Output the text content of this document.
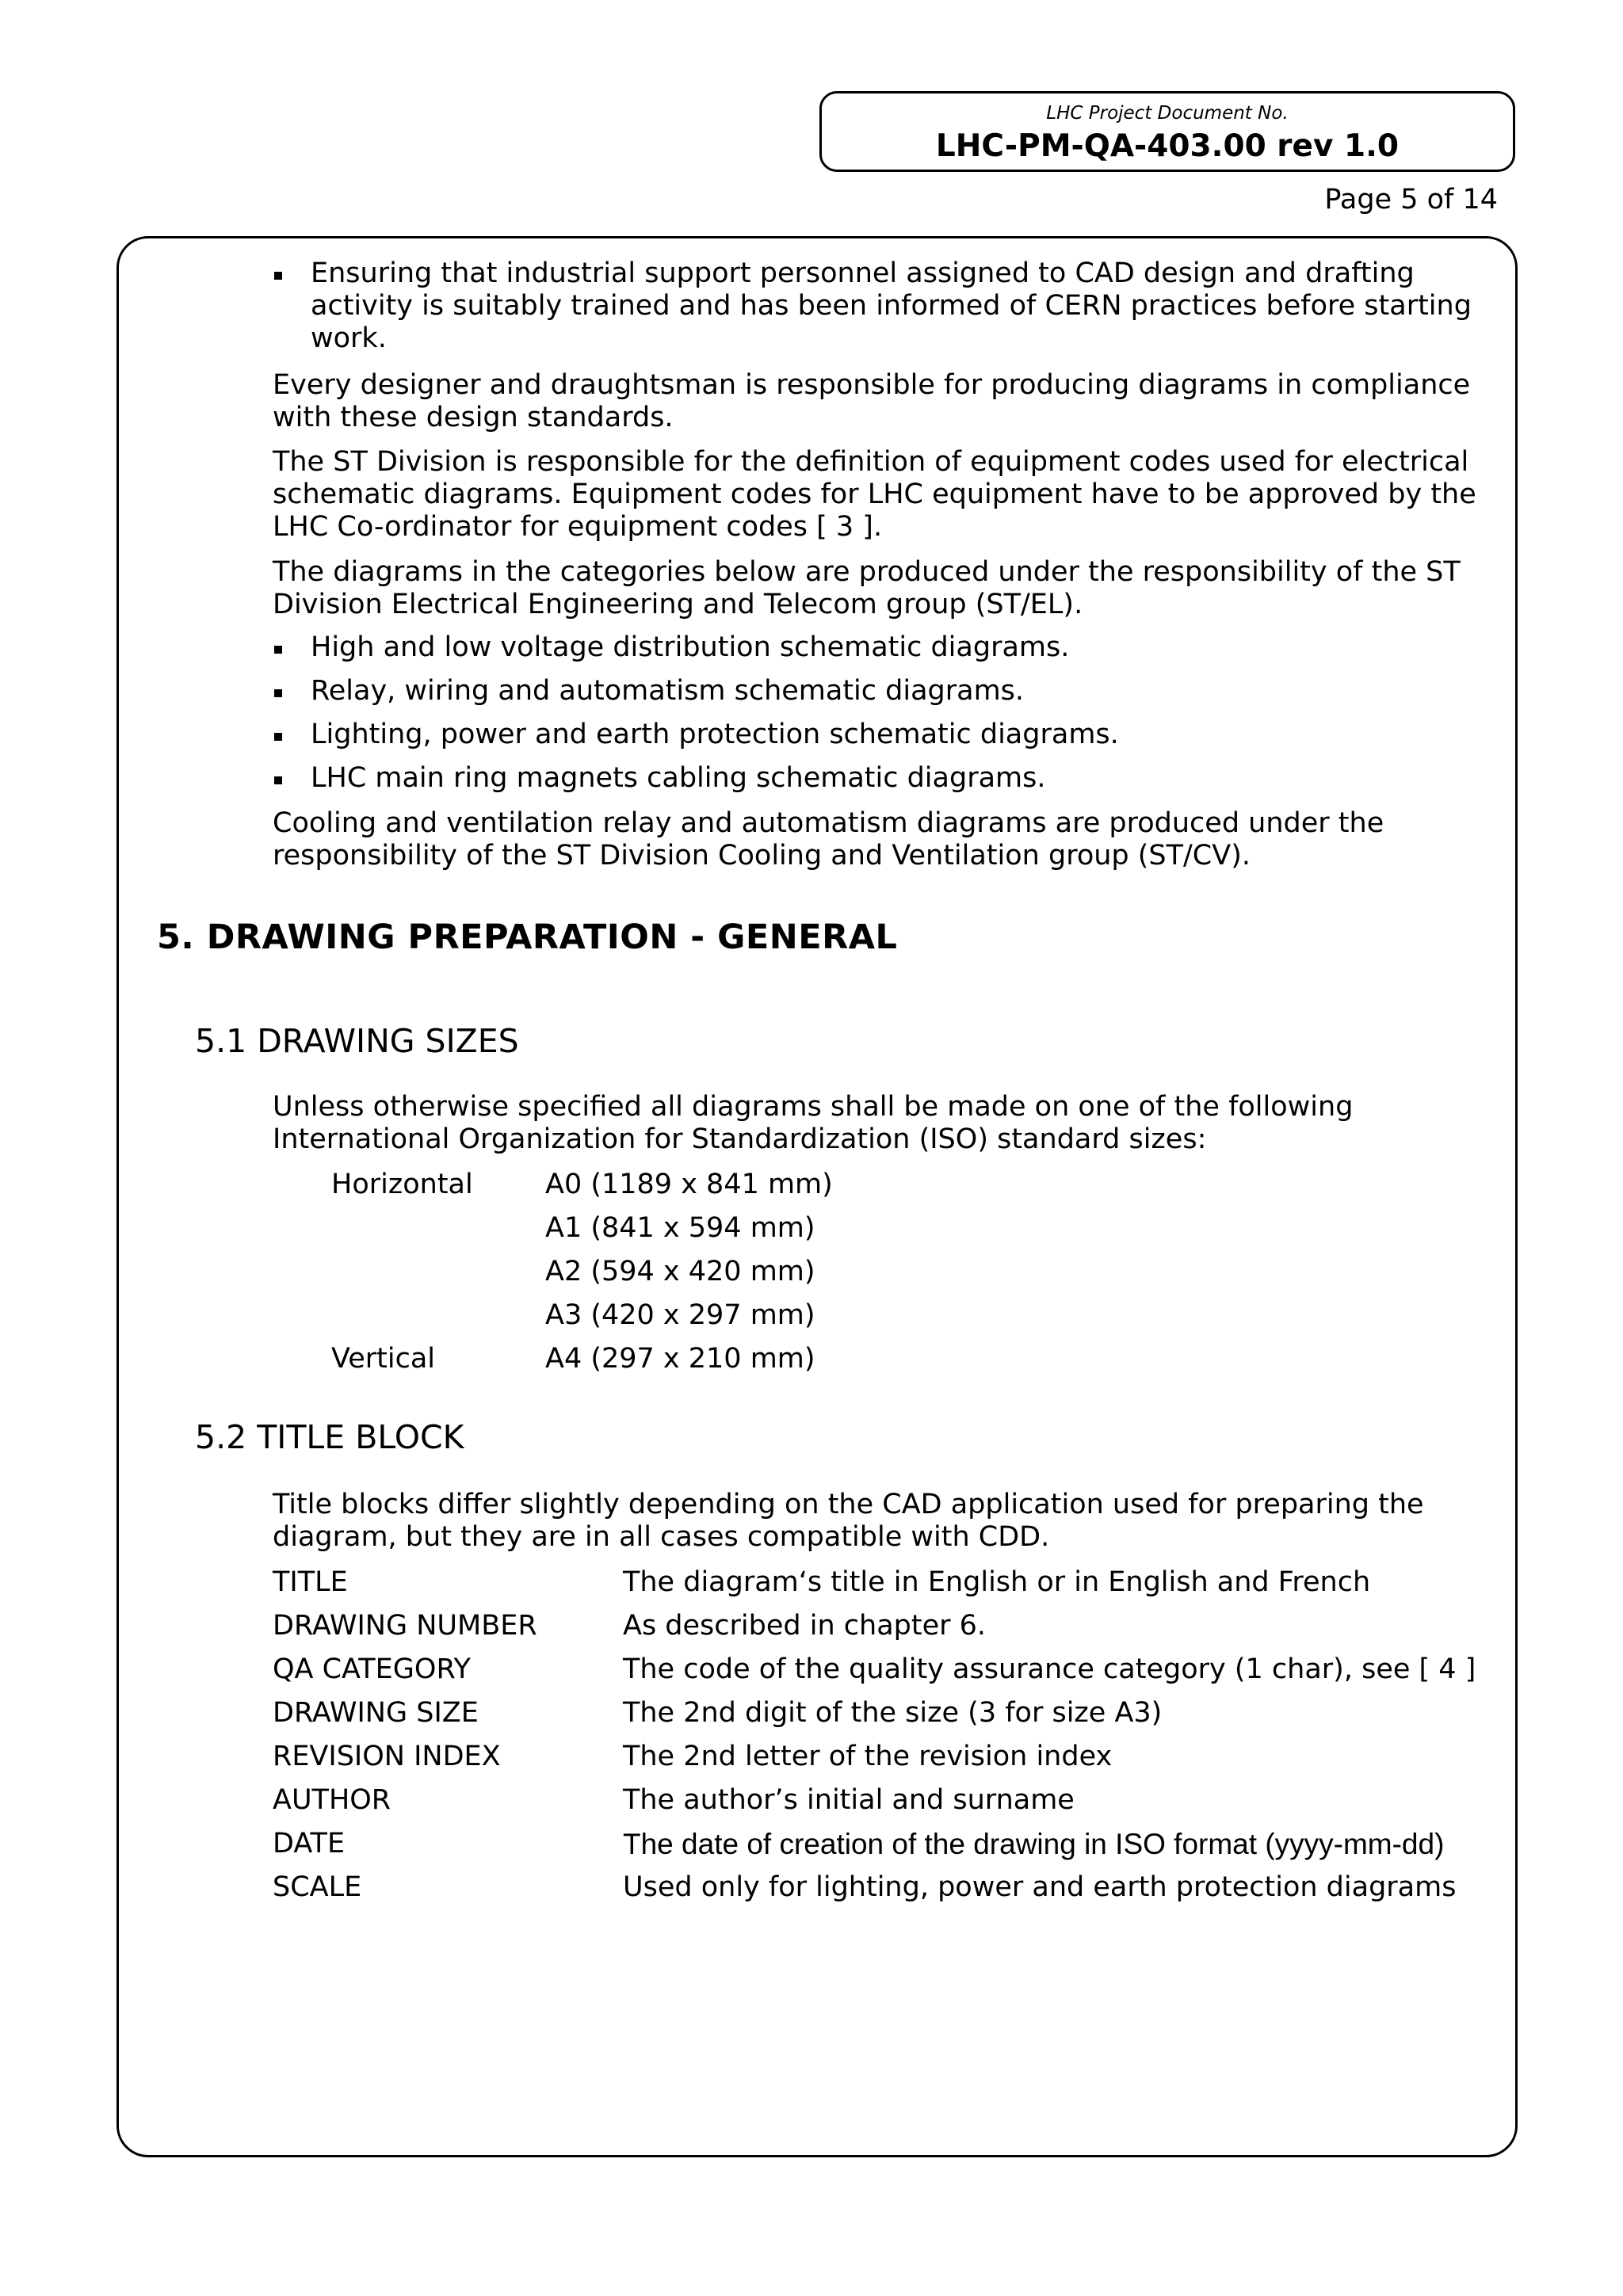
LHC Project Document No.
LHC-PM-QA-403.00 rev 1.0
Page 5 of 14
Ensuring that industrial support personnel assigned to CAD design and drafting
activity is suitably trained and has been informed of CERN practices before starting
work.
Every designer and draughtsman is responsible for producing diagrams in compliance
with these design standards.
The ST Division is responsible for the definition of equipment codes used for electrical
schematic diagrams. Equipment codes for LHC equipment have to be approved by the
LHC Co-ordinator for equipment codes [ 3 ].
The diagrams in the categories below are produced under the responsibility of the ST
Division Electrical Engineering and Telecom group (ST/EL).
High and low voltage distribution schematic diagrams.
Relay, wiring and automatism schematic diagrams.
Lighting, power and earth protection schematic diagrams.
LHC main ring magnets cabling schematic diagrams.
Cooling and ventilation relay and automatism diagrams are produced under the
responsibility of the ST Division Cooling and Ventilation group (ST/CV).
5. DRAWING PREPARATION - GENERAL
5.1 DRAWING SIZES
Unless otherwise specified all diagrams shall be made on one of the following
International Organization for Standardization (ISO) standard sizes:
Horizontal	A0 (1189 x 841 mm)
A1 (841 x 594 mm)
A2 (594 x 420 mm)
A3 (420 x 297 mm)
Vertical	A4 (297 x 210 mm)
5.2 TITLE BLOCK
Title blocks differ slightly depending on the CAD application used for preparing the
diagram, but they are in all cases compatible with CDD.
TITLE	The diagram‘s title in English or in English and French
DRAWING NUMBER	As described in chapter 6.
QA CATEGORY	The code of the quality assurance category (1 char), see [ 4 ]
DRAWING SIZE	The 2nd digit of the size (3 for size A3)
REVISION INDEX	The 2nd letter of the revision index
AUTHOR	The author’s initial and surname
DATE	The date of creation of the drawing in ISO format (yyyy-mm-dd)
SCALE	Used only for lighting, power and earth protection diagrams
